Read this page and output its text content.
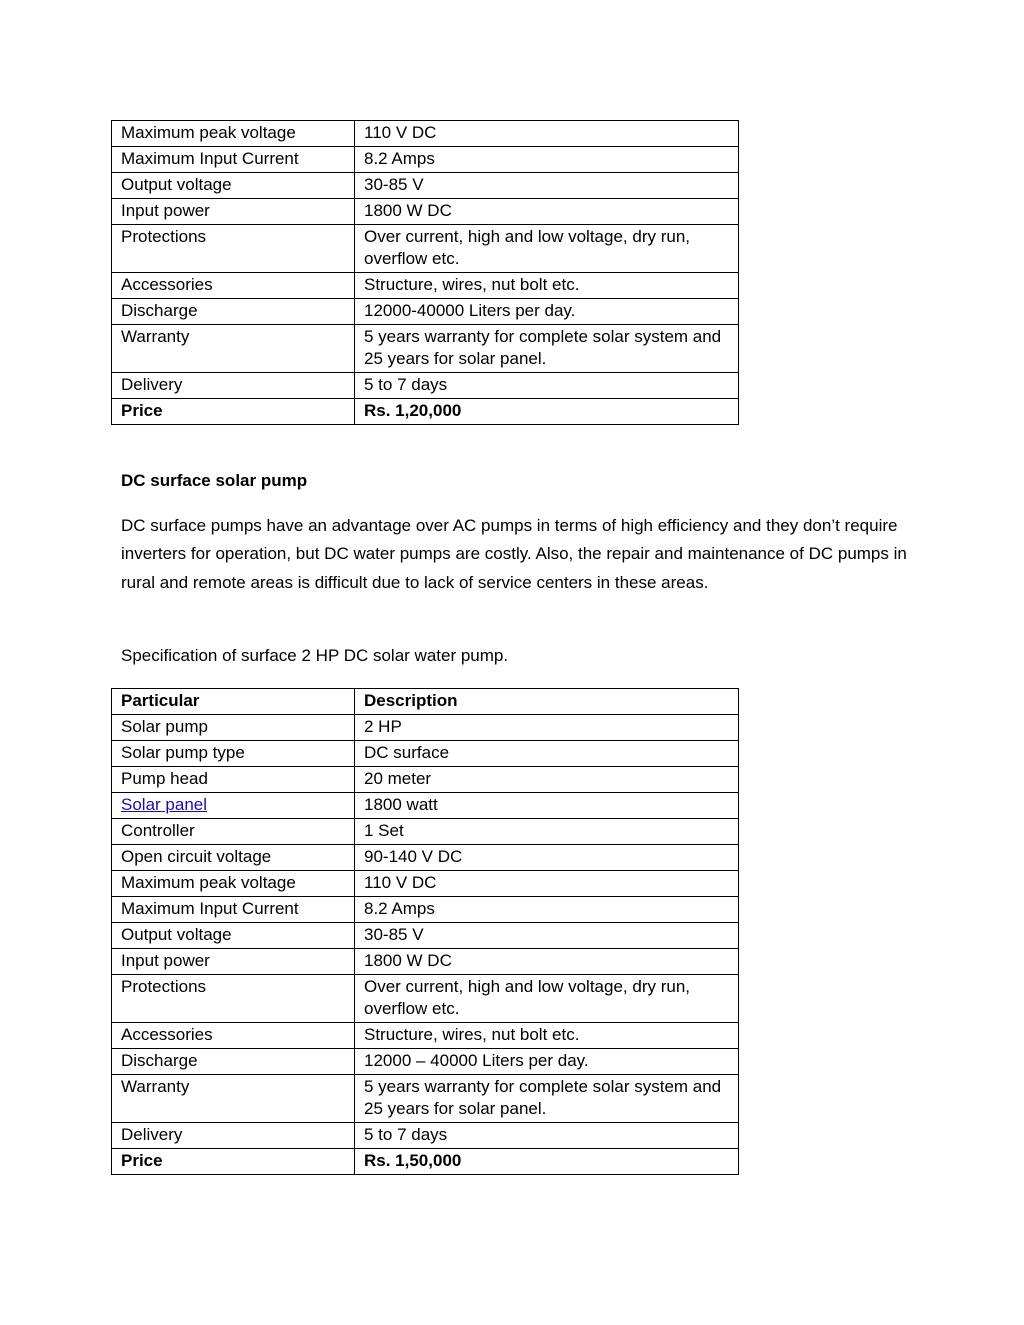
Maximum peak voltage	110 V DC
Maximum Input Current	8.2 Amps
Output voltage	30-85 V
Input power	1800 W DC
Protections	Over current, high and low voltage, dry run, overflow etc.
Accessories	Structure, wires, nut bolt etc.
Discharge	12000-40000 Liters per day.
Warranty	5 years warranty for complete solar system and 25 years for solar panel.
Delivery	5 to 7 days
Price	Rs. 1,20,000
DC surface solar pump

DC surface pumps have an advantage over AC pumps in terms of high efficiency and they don’t require inverters for operation, but DC water pumps are costly. Also, the repair and maintenance of DC pumps in rural and remote areas is difficult due to lack of service centers in these areas.

Specification of surface 2 HP DC solar water pump.

Particular	Description
Solar pump	2 HP
Solar pump type	DC surface
Pump head	20 meter
Solar panel	1800 watt
Controller	1 Set
Open circuit voltage	90-140 V DC
Maximum peak voltage	110 V DC
Maximum Input Current	8.2 Amps
Output voltage	30-85 V
Input power	1800 W DC
Protections	Over current, high and low voltage, dry run, overflow etc.
Accessories	Structure, wires, nut bolt etc.
Discharge	12000 – 40000 Liters per day.
Warranty	5 years warranty for complete solar system and 25 years for solar panel.
Delivery	5 to 7 days
Price	Rs. 1,50,000
